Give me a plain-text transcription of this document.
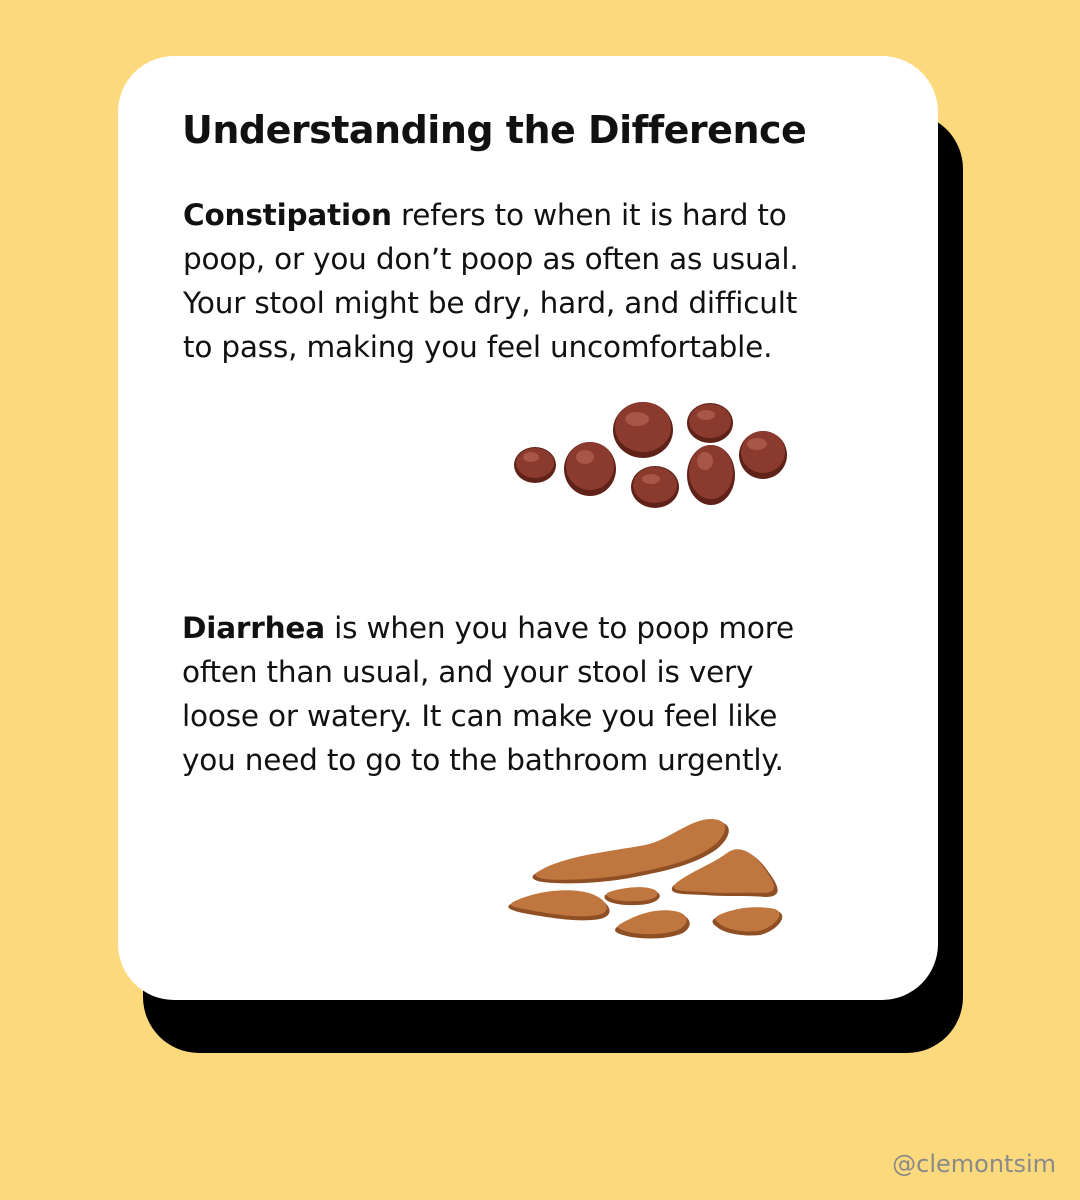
Understanding the Difference

Constipation refers to when it is hard to poop, or you don’t poop as often as usual. Your stool might be dry, hard, and difficult to pass, making you feel uncomfortable.

Diarrhea is when you have to poop more often than usual, and your stool is very loose or watery. It can make you feel like you need to go to the bathroom urgently.

@clemontsim
